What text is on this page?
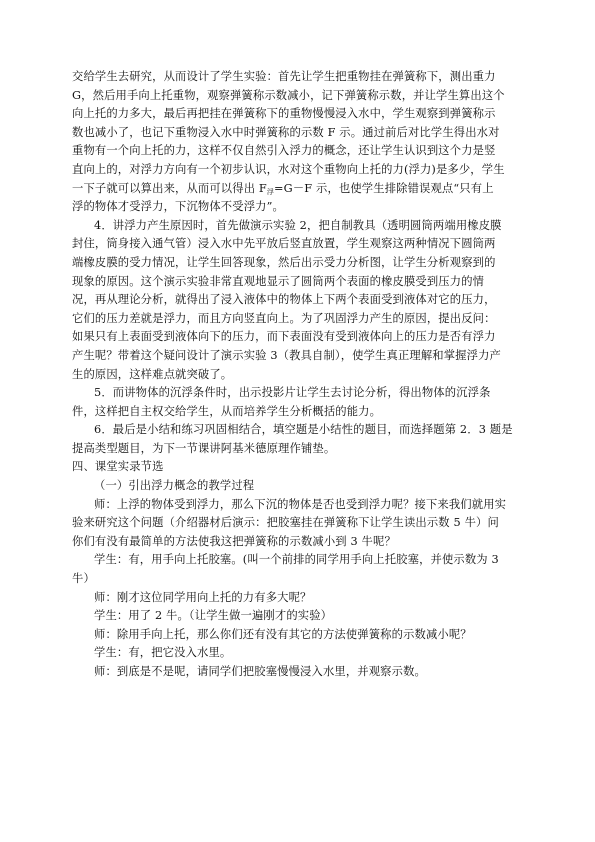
交给学生去研究，从而设计了学生实验：首先让学生把重物挂在弹簧称下，测出重力
G，然后用手向上托重物，观察弹簧称示数减小，记下弹簧称示数，并让学生算出这个
向上托的力多大，最后再把挂在弹簧称下的重物慢慢浸入水中，学生观察到弹簧称示
数也减小了，也记下重物浸入水中时弹簧称的示数 F 示。通过前后对比学生得出水对
重物有一个向上托的力，这样不仅自然引入浮力的概念，还让学生认识到这个力是竖
直向上的，对浮力方向有一个初步认识，水对这个重物向上托的力(浮力)是多少，学生
一下子就可以算出来，从而可以得出 $F_浮=G-F$ 示，也使学生排除错误观点“只有上
浮的物体才受浮力，下沉物体不受浮力”。
4．讲浮力产生原因时，首先做演示实验 2，把自制教具（透明圆筒两端用橡皮膜
封住，筒身接入通气管）浸入水中先平放后竖直放置，学生观察这两种情况下圆筒两
端橡皮膜的受力情况，让学生回答现象，然后出示受力分析图，让学生分析观察到的
现象的原因。这个演示实验非常直观地显示了圆筒两个表面的橡皮膜受到压力的情
况，再从理论分析，就得出了浸入液体中的物体上下两个表面受到液体对它的压力，
它们的压力差就是浮力，而且方向竖直向上。为了巩固浮力产生的原因，提出反问：
如果只有上表面受到液体向下的压力，而下表面没有受到液体向上的压力是否有浮力
产生呢？带着这个疑问设计了演示实验 3（教具自制），使学生真正理解和掌握浮力产
生的原因，这样难点就突破了。
5．而讲物体的沉浮条件时，出示投影片让学生去讨论分析，得出物体的沉浮条
件，这样把自主权交给学生，从而培养学生分析概括的能力。
6．最后是小结和练习巩固相结合，填空题是小结性的题目，而选择题第 2．3 题是
提高类型题目，为下一节课讲阿基米德原理作铺垫。
四、课堂实录节选
（一）引出浮力概念的教学过程
师：上浮的物体受到浮力，那么下沉的物体是否也受到浮力呢？接下来我们就用实
验来研究这个问题（介绍器材后演示：把胶塞挂在弹簧称下让学生读出示数 5 牛）问
你们有没有最简单的方法使我这把弹簧称的示数减小到 3 牛呢？
学生：有，用手向上托胶塞。(叫一个前排的同学用手向上托胶塞，并使示数为 3
牛）
师：刚才这位同学用向上托的力有多大呢？
学生：用了 2 牛。（让学生做一遍刚才的实验）
师：除用手向上托，那么你们还有没有其它的方法使弹簧称的示数减小呢？
学生：有，把它没入水里。
师：到底是不是呢，请同学们把胶塞慢慢浸入水里，并观察示数。
